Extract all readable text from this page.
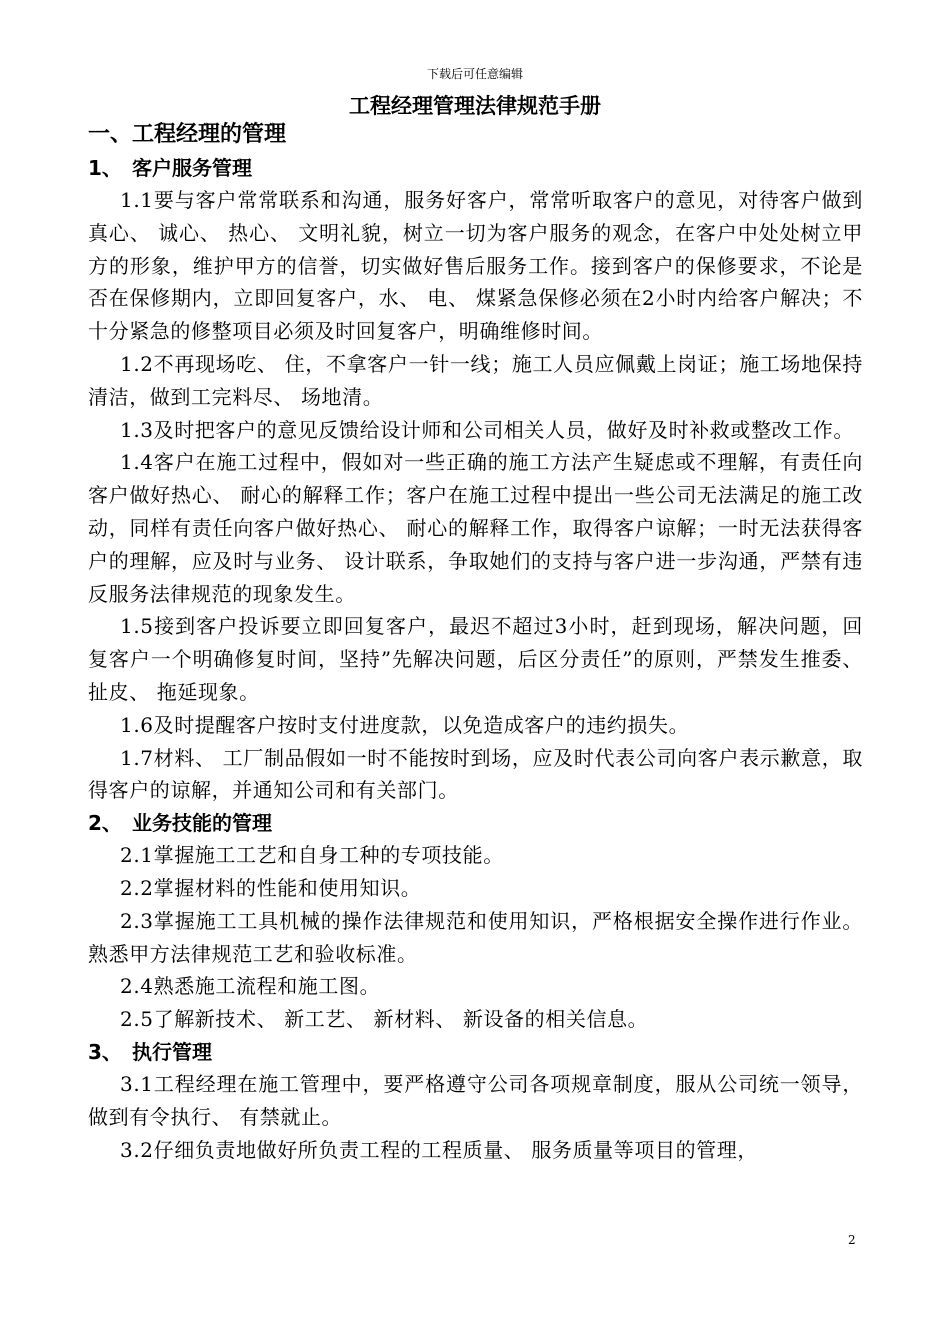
下载后可任意编辑
工程经理管理法律规范手册
一、工程经理的管理
1、 客户服务管理

1.1要与客户常常联系和沟通，服务好客户，常常听取客户的意见，对待客户做到真心、 诚心、 热心、 文明礼貌，树立一切为客户服务的观念，在客户中处处树立甲方的形象，维护甲方的信誉，切实做好售后服务工作。接到客户的保修要求，不论是否在保修期内，立即回复客户，水、 电、 煤紧急保修必须在2小时内给客户解决；不十分紧急的修整项目必须及时回复客户，明确维修时间。

1.2不再现场吃、 住，不拿客户一针一线；施工人员应佩戴上岗证；施工场地保持清洁，做到工完料尽、 场地清。

1.3及时把客户的意见反馈给设计师和公司相关人员，做好及时补救或整改工作。

1.4客户在施工过程中，假如对一些正确的施工方法产生疑虑或不理解，有责任向客户做好热心、 耐心的解释工作；客户在施工过程中提出一些公司无法满足的施工改动，同样有责任向客户做好热心、 耐心的解释工作，取得客户谅解；一时无法获得客户的理解，应及时与业务、 设计联系，争取她们的支持与客户进一步沟通，严禁有违反服务法律规范的现象发生。

1.5接到客户投诉要立即回复客户，最迟不超过3小时，赶到现场，解决问题，回复客户一个明确修复时间，坚持”先解决问题，后区分责任”的原则，严禁发生推委、 扯皮、 拖延现象。

1.6及时提醒客户按时支付进度款，以免造成客户的违约损失。

1.7材料、 工厂制品假如一时不能按时到场，应及时代表公司向客户表示歉意，取得客户的谅解，并通知公司和有关部门。

2、 业务技能的管理

2.1掌握施工工艺和自身工种的专项技能。

2.2掌握材料的性能和使用知识。

2.3掌握施工工具机械的操作法律规范和使用知识，严格根据安全操作进行作业。熟悉甲方法律规范工艺和验收标准。

2.4熟悉施工流程和施工图。

2.5了解新技术、 新工艺、 新材料、 新设备的相关信息。

3、 执行管理

3.1工程经理在施工管理中，要严格遵守公司各项规章制度，服从公司统一领导，做到有令执行、 有禁就止。

3.2仔细负责地做好所负责工程的工程质量、 服务质量等项目的管理，

2
